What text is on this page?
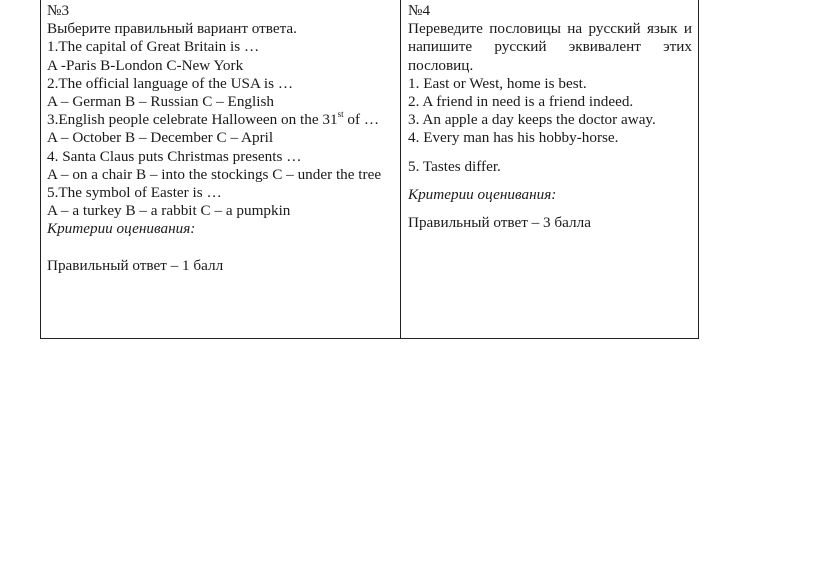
№3
Выберите правильный вариант ответа.
1.The capital of Great Britain is …
A -Paris B-London C-New York
2.The official language of the USA is …
A – German B – Russian C – English
3.English people celebrate Halloween on the 31st of …
A – October B – December C – April
4. Santa Claus puts Christmas presents …
A – on a chair B – into the stockings C – under the tree
5.The symbol of Easter is …
A – a turkey B – a rabbit C – a pumpkin
Критерии оценивания:
Правильный ответ – 1 балл
№4
Переведите пословицы на русский язык и напишите русский эквивалент этих пословиц.
1. East or West, home is best.
2. A friend in need is a friend indeed.
3. An apple a day keeps the doctor away.
4. Every man has his hobby-horse.
5. Tastes differ.
Критерии оценивания:
Правильный ответ – 3 балла
